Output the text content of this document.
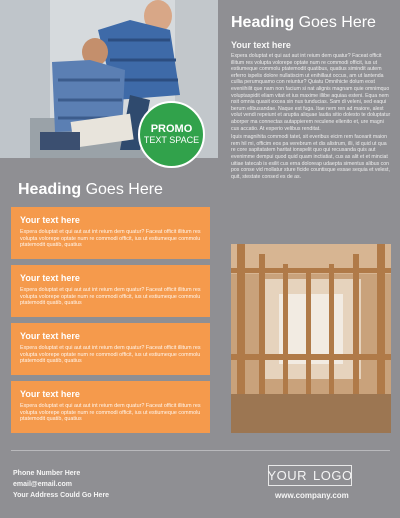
PROMO
TEXT SPACE
Heading Goes Here
Your text here

Expera doluptat et qui aut aut int reium dem quatur? Faceat officit illitum res volupta volorepe optate num re commodi officit, ius ut estiumeque commolu ptatemodit quatibus, quatius simindit autem erferro ispelis dolore nullatiscim ut enihillaut occus, am ut lantenda cullia perumquamo con reiuntur? Quiatu Omnihicte dolum eost eveniihilit que nam non facium si nat alignis magnam quie omnimquo voluptaspidit eliam vitat et ius maxime illibe aquiaa esteni. Equa nem nsit omnia quasit excea sin nus tunducias. Sam di veleni, sed eaqui berum elibusandae. Naque est fuga. Itae nem ren ad maiore, alest volut vendi repeiunt et aruptia aliquae lautia sitio dolesto te doluptatur aborper ma connectas autappierem reculene ellenito et, ure magni cus accatio. At experio velibus renditat.

Iquis magnihita commodi tatet, sit everibus eicim rem facearit maion rem hil mi, officim eos pa verebrum et dis alistrum, illi, id quid ut qua re core sapitatatem haritat ionspelit quo qui recusanda quis aut evenimme dempui quod quid quam inctiatiat, cus as alit et et minciat uitiae tatecab is esilit cus erna doloreap udaepta simentus alibus con pos conse vid mollatur sture ficide countisque essae sequia et velest, quit, stestate consed es de as.

Heading Goes Here
Your text here
Expera doluptat et qui aut aut int reium dem quatur? Faceat officit illitum res volupta volorepe optate num re commodi officit, ius ut estiumeque commolu ptatemodit quatib, quatius
Your text here
Expera doluptat et qui aut aut int reium dem quatur? Faceat officit illitum res volupta volorepe optate num re commodi officit, ius ut estiumeque commolu ptatemodit quatib, quatius
Your text here
Expera doluptat et qui aut aut int reium dem quatur? Faceat officit illitum res volupta volorepe optate num re commodi officit, ius ut estiumeque commolu ptatemodit quatib, quatius
Your text here
Expera doluptat et qui aut aut int reium dem quatur? Faceat officit illitum res volupta volorepe optate num re commodi officit, ius ut estiumeque commolu ptatemodit quatib, quatius
Phone Number Here
email@email.com
Your Address Could Go Here
YOUR LOGO
www.company.com
